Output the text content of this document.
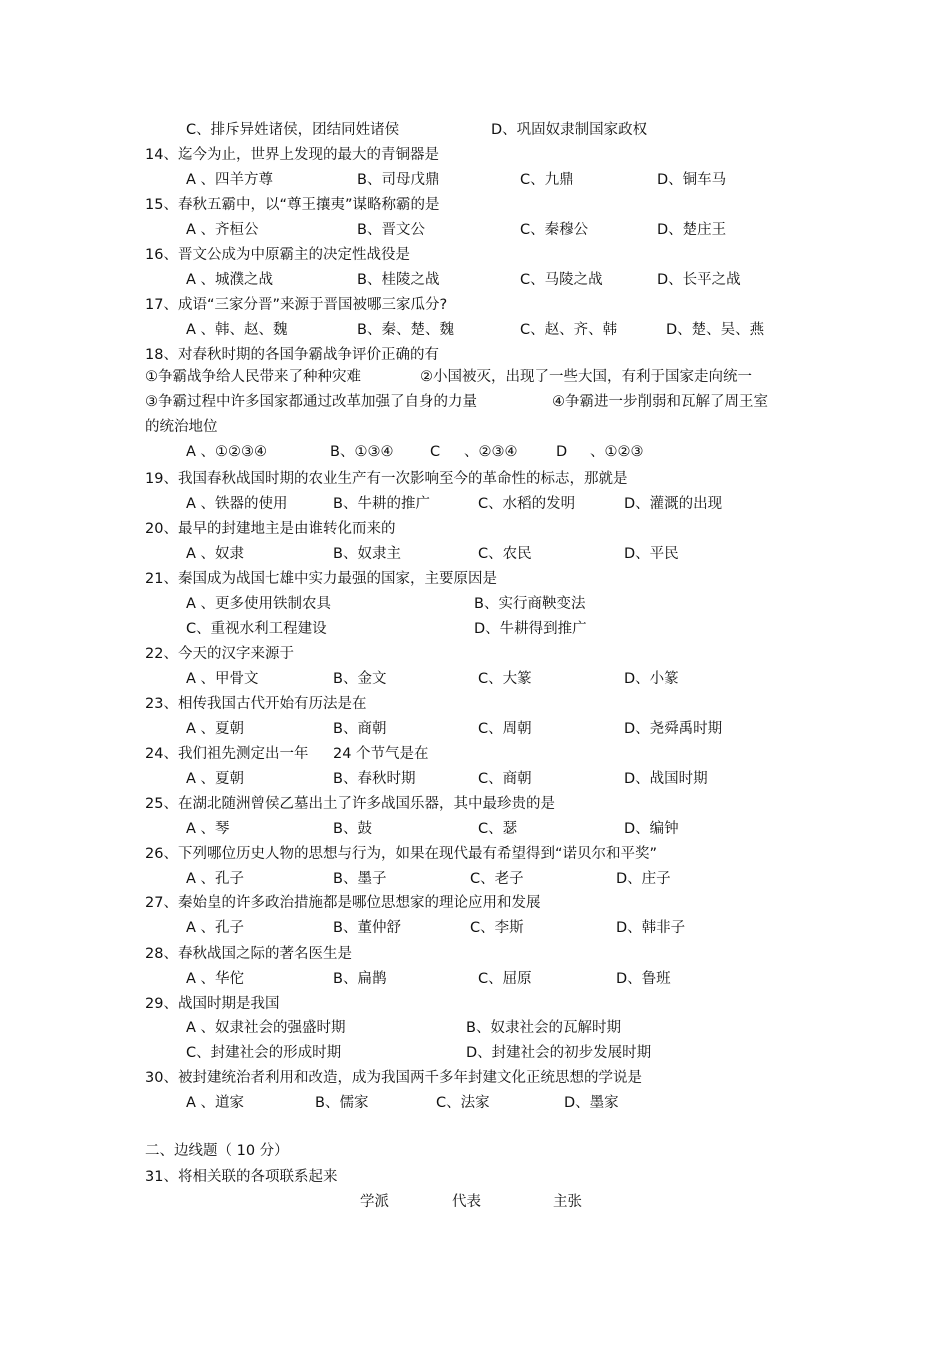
C、排斥异姓诸侯，团结同姓诸侯	D、巩固奴隶制国家政权
14、迄今为止，世界上发现的最大的青铜器是
A 、四羊方尊	B、司母戊鼎	C、九鼎	D、铜车马
15、春秋五霸中，以“尊王攘夷”谋略称霸的是
A 、齐桓公	B、晋文公	C、秦穆公	D、楚庄王
16、晋文公成为中原霸主的决定性战役是
A 、城濮之战	B、桂陵之战	C、马陵之战	D、长平之战
17、成语“三家分晋”来源于晋国被哪三家瓜分?
A 、韩、赵、魏	B、秦、楚、魏	C、赵、齐、韩	D、楚、吴、燕
18、对春秋时期的各国争霸战争评价正确的有
①争霸战争给人民带来了种种灾难	②小国被灭，出现了一些大国，有利于国家走向统一
③争霸过程中许多国家都通过改革加强了自身的力量	④争霸进一步削弱和瓦解了周王室
的统治地位
A 、①②③④	B、①③④	C 、②③④	D 、①②③
19、我国春秋战国时期的农业生产有一次影响至今的革命性的标志，那就是
A 、铁器的使用	B、牛耕的推广	C、水稻的发明	D、灌溉的出现
20、最早的封建地主是由谁转化而来的
A 、奴隶	B、奴隶主	C、农民	D、平民
21、秦国成为战国七雄中实力最强的国家，主要原因是
A 、更多使用铁制农具	B、实行商鞅变法
C、重视水利工程建设	D、牛耕得到推广
22、今天的汉字来源于
A 、甲骨文	B、金文	C、大篆	D、小篆
23、相传我国古代开始有历法是在
A 、夏朝	B、商朝	C、周朝	D、尧舜禹时期
24、我们祖先测定出一年 24 个节气是在
A 、夏朝	B、春秋时期	C、商朝	D、战国时期
25、在湖北随洲曾侯乙墓出土了许多战国乐器，其中最珍贵的是
A 、琴	B、鼓	C、瑟	D、编钟
26、下列哪位历史人物的思想与行为，如果在现代最有希望得到“诺贝尔和平奖”
A 、孔子	B、墨子	C、老子	D、庄子
27、秦始皇的许多政治措施都是哪位思想家的理论应用和发展
A 、孔子	B、董仲舒	C、李斯	D、韩非子
28、春秋战国之际的著名医生是
A 、华佗	B、扁鹊	C、屈原	D、鲁班
29、战国时期是我国
A 、奴隶社会的强盛时期	B、奴隶社会的瓦解时期
C、封建社会的形成时期	D、封建社会的初步发展时期
30、被封建统治者利用和改造，成为我国两千多年封建文化正统思想的学说是
A 、道家	B、儒家	C、法家	D、墨家
二、边线题（ 10 分）
31、将相关联的各项联系起来
学派	代表	主张
